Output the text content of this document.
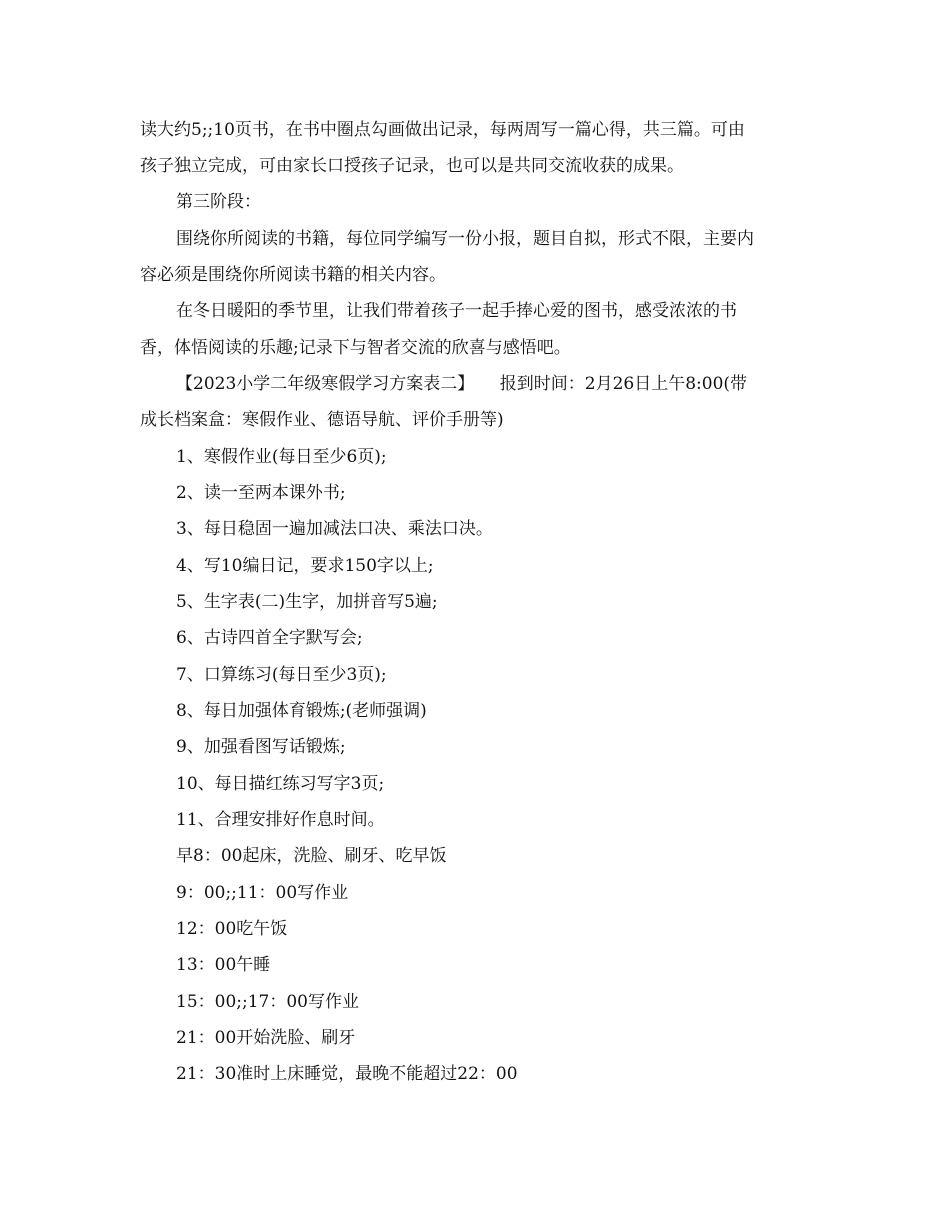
读大约5;;10页书，在书中圈点勾画做出记录，每两周写一篇心得，共三篇。可由
孩子独立完成，可由家长口授孩子记录，也可以是共同交流收获的成果。
第三阶段：
围绕你所阅读的书籍，每位同学编写一份小报，题目自拟，形式不限，主要内
容必须是围绕你所阅读书籍的相关内容。
在冬日暖阳的季节里，让我们带着孩子一起手捧心爱的图书，感受浓浓的书
香，体悟阅读的乐趣;记录下与智者交流的欣喜与感悟吧。
【2023小学二年级寒假学习方案表二】　　报到时间：2月26日上午8:00(带
成长档案盒：寒假作业、德语导航、评价手册等)
1、寒假作业(每日至少6页);
2、读一至两本课外书;
3、每日稳固一遍加减法口决、乘法口决。
4、写10编日记，要求150字以上;
5、生字表(二)生字，加拼音写5遍;
6、古诗四首全字默写会;
7、口算练习(每日至少3页);
8、每日加强体育锻炼;(老师强调)
9、加强看图写话锻炼;
10、每日描红练习写字3页;
11、合理安排好作息时间。
早8：00起床，洗脸、刷牙、吃早饭
9：00;;11：00写作业
12：00吃午饭
13：00午睡
15：00;;17：00写作业
21：00开始洗脸、刷牙
21：30准时上床睡觉，最晚不能超过22：00
